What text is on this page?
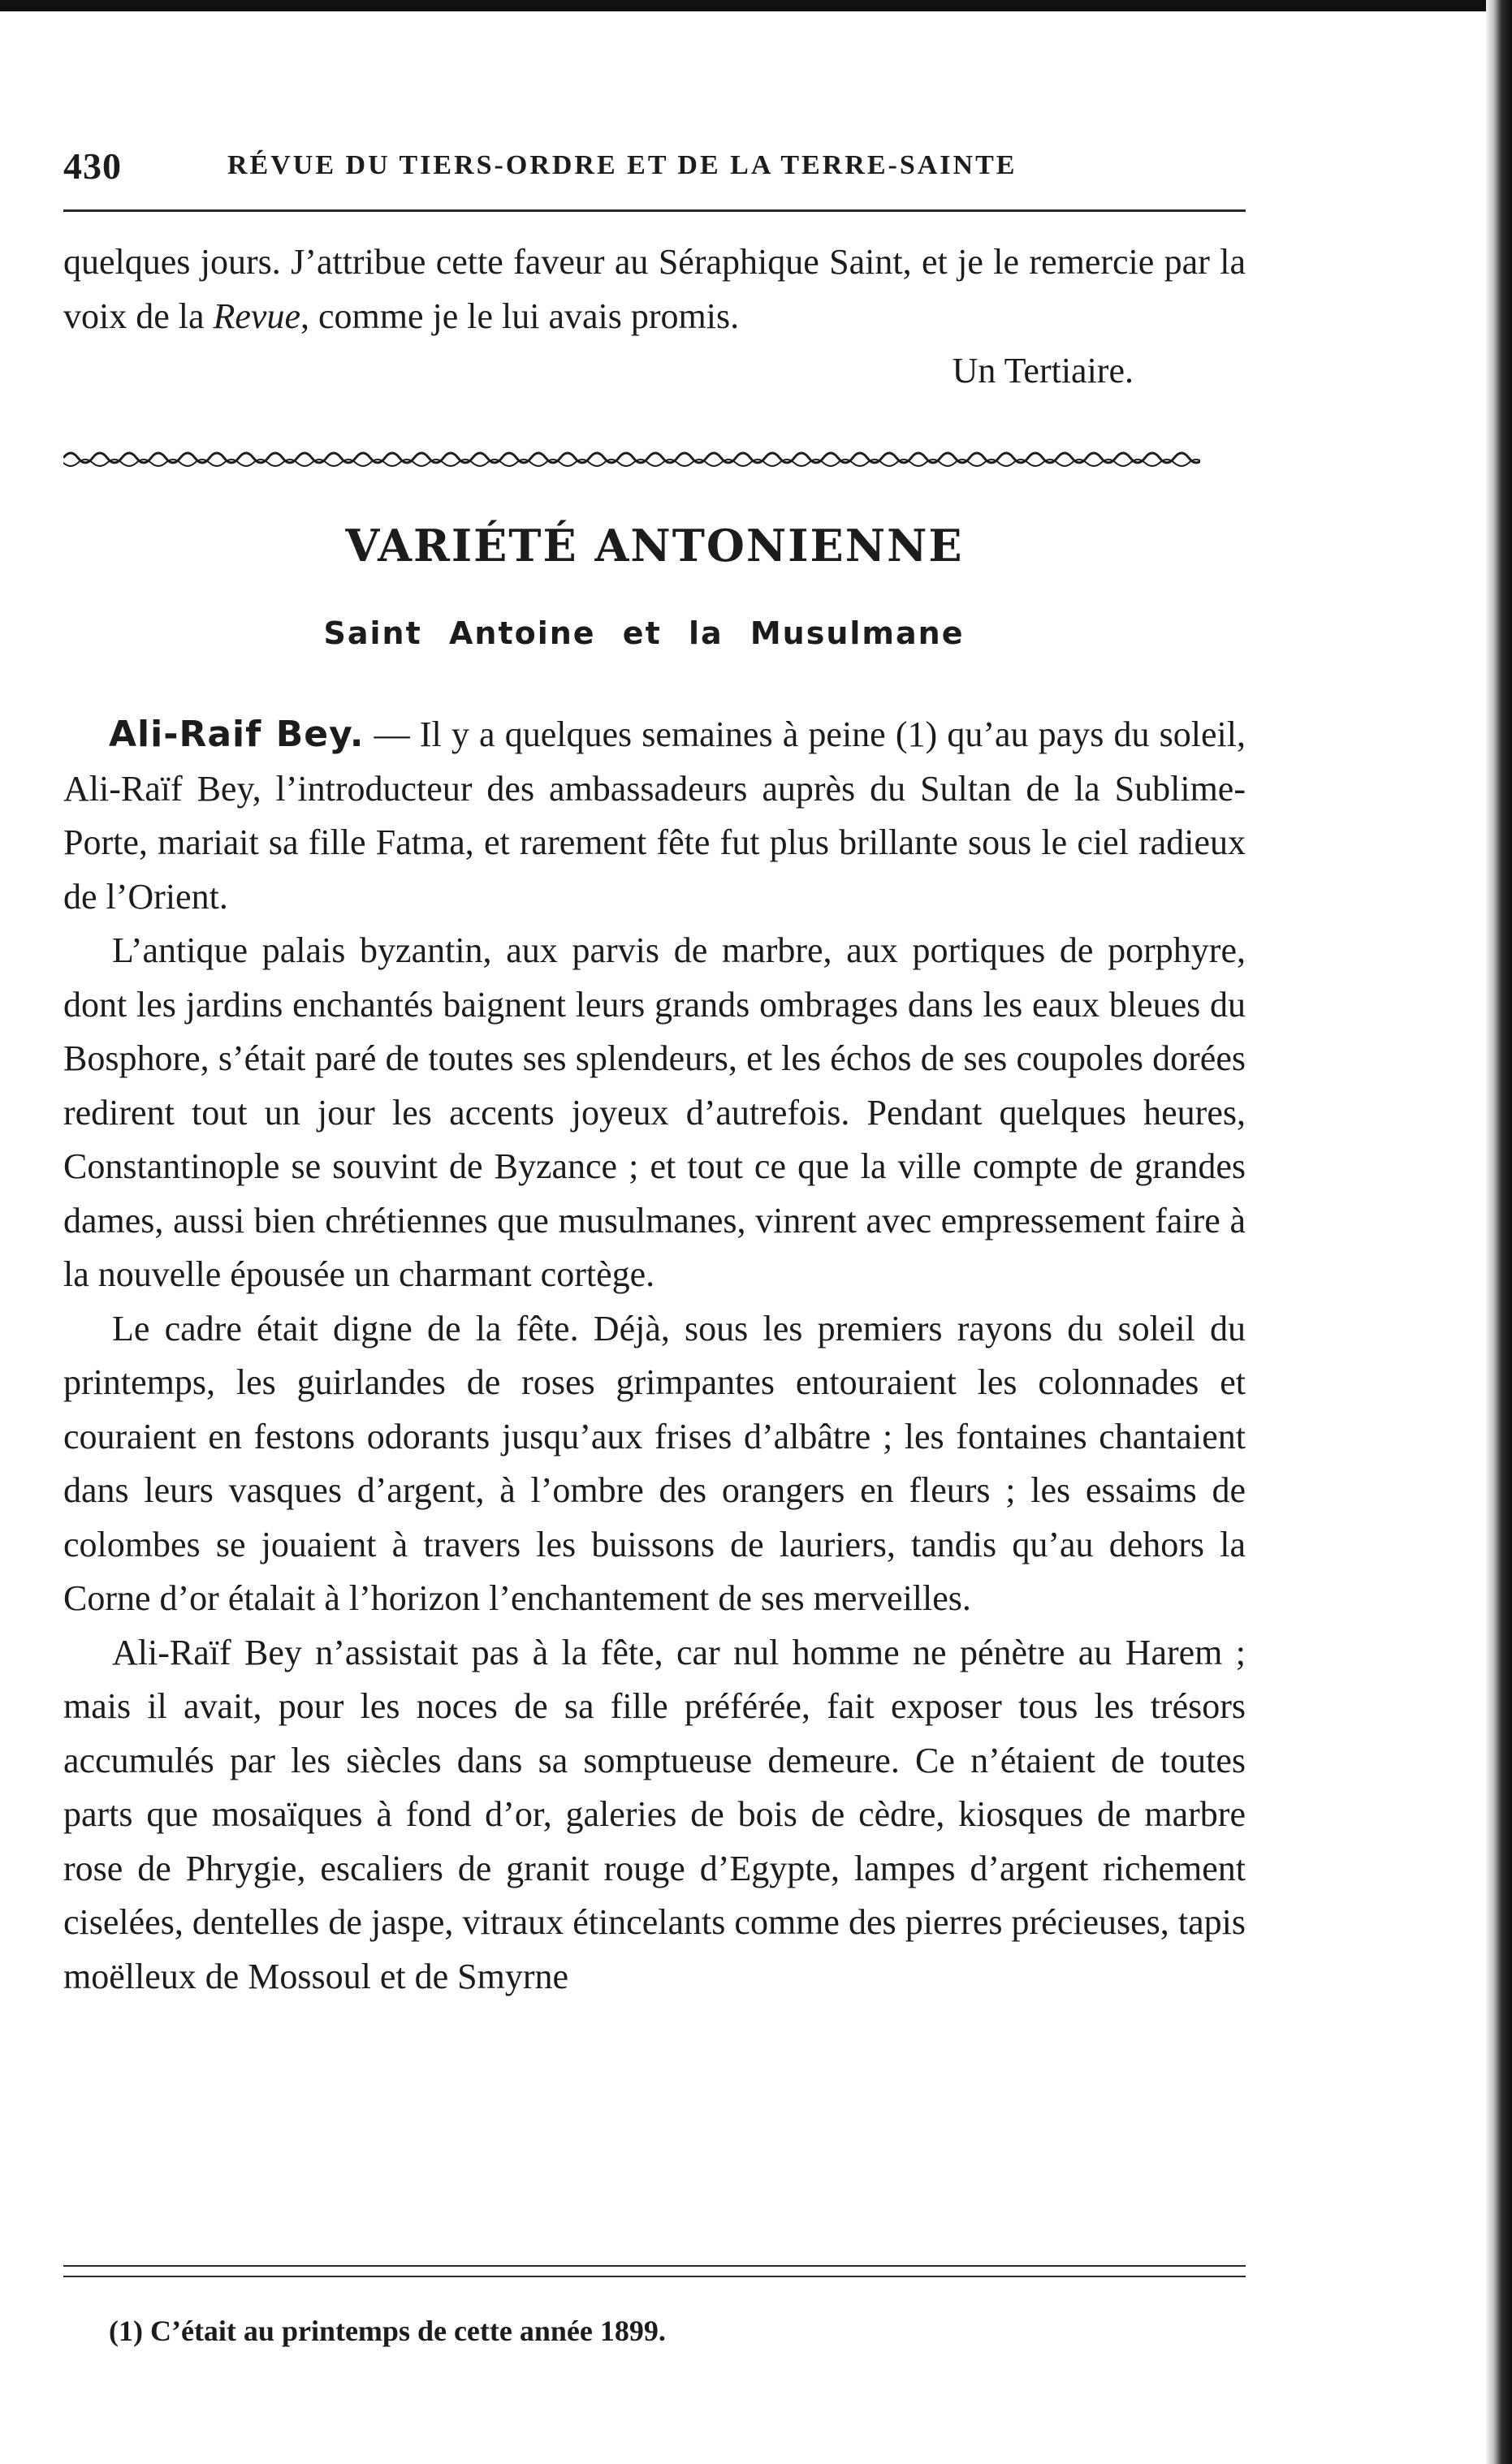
430	RÉVUE DU TIERS-ORDRE ET DE LA TERRE-SAINTE

quelques jours. J’attribue cette faveur au Séraphique Saint, et je le remercie par la voix de la Revue, comme je le lui avais promis.

Un Tertiaire.
VARIÉTÉ ANTONIENNE
Saint Antoine et la Musulmane

Ali-Raif Bey. — Il y a quelques semaines à peine (1) qu’au pays du soleil, Ali-Raïf Bey, l’introducteur des ambassadeurs auprès du Sultan de la Sublime-Porte, mariait sa fille Fatma, et rarement fête fut plus brillante sous le ciel radieux de l’Orient.

L’antique palais byzantin, aux parvis de marbre, aux portiques de porphyre, dont les jardins enchantés baignent leurs grands ombrages dans les eaux bleues du Bosphore, s’était paré de toutes ses splendeurs, et les échos de ses coupoles dorées redirent tout un jour les accents joyeux d’autrefois. Pendant quelques heures, Constantinople se souvint de Byzance ; et tout ce que la ville compte de grandes dames, aussi bien chrétiennes que musulmanes, vinrent avec empressement faire à la nouvelle épousée un charmant cortège.

Le cadre était digne de la fête. Déjà, sous les premiers rayons du soleil du printemps, les guirlandes de roses grimpantes entouraient les colonnades et couraient en festons odorants jusqu’aux frises d’albâtre ; les fontaines chantaient dans leurs vasques d’argent, à l’ombre des orangers en fleurs ; les essaims de colombes se jouaient à travers les buissons de lauriers, tandis qu’au dehors la Corne d’or étalait à l’horizon l’enchantement de ses merveilles.

Ali-Raïf Bey n’assistait pas à la fête, car nul homme ne pénètre au Harem ; mais il avait, pour les noces de sa fille préférée, fait exposer tous les trésors accumulés par les siècles dans sa somptueuse demeure. Ce n’étaient de toutes parts que mosaïques à fond d’or, galeries de bois de cèdre, kiosques de marbre rose de Phrygie, escaliers de granit rouge d’Egypte, lampes d’argent richement ciselées, dentelles de jaspe, vitraux étincelants comme des pierres précieuses, tapis moëlleux de Mossoul et de Smyrne

(1) C’était au printemps de cette année 1899.
